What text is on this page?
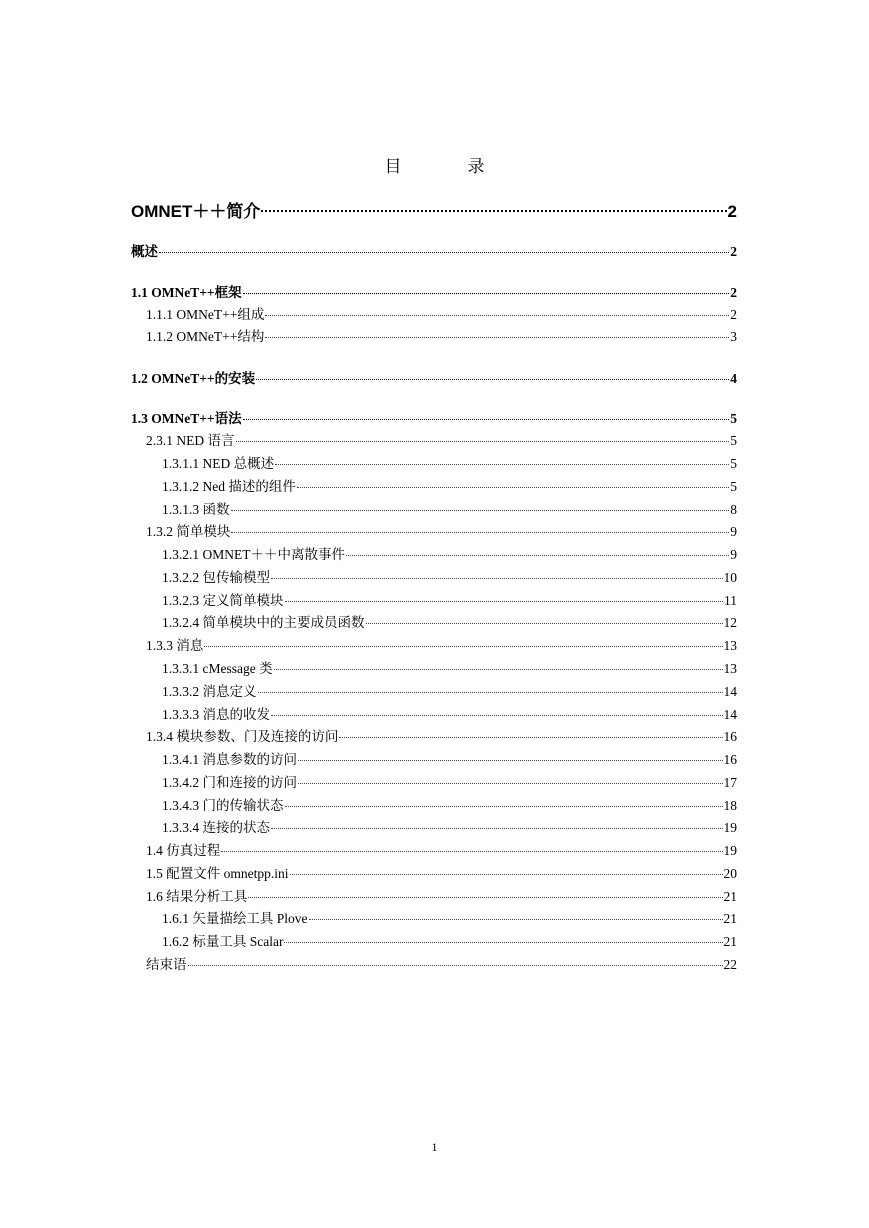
目	录
OMNET＋＋简介	2
概述	2
1.1 OMNeT++框架	2
1.1.1 OMNeT++组成	2
1.1.2 OMNeT++结构	3
1.2 OMNeT++的安装	4
1.3 OMNeT++语法	5
2.3.1 NED 语言	5
1.3.1.1 NED 总概述	5
1.3.1.2 Ned 描述的组件	5
1.3.1.3 函数	8
1.3.2 简单模块	9
1.3.2.1 OMNET＋＋中离散事件	9
1.3.2.2 包传输模型	10
1.3.2.3 定义简单模块	11
1.3.2.4 简单模块中的主要成员函数	12
1.3.3 消息	13
1.3.3.1 cMessage 类	13
1.3.3.2 消息定义	14
1.3.3.3 消息的收发	14
1.3.4 模块参数、门及连接的访问	16
1.3.4.1 消息参数的访问	16
1.3.4.2 门和连接的访问	17
1.3.4.3 门的传输状态	18
1.3.3.4 连接的状态	19
1.4 仿真过程	19
1.5 配置文件 omnetpp.ini	20
1.6 结果分析工具	21
1.6.1 矢量描绘工具 Plove	21
1.6.2 标量工具 Scalar	21
结束语	22
1
